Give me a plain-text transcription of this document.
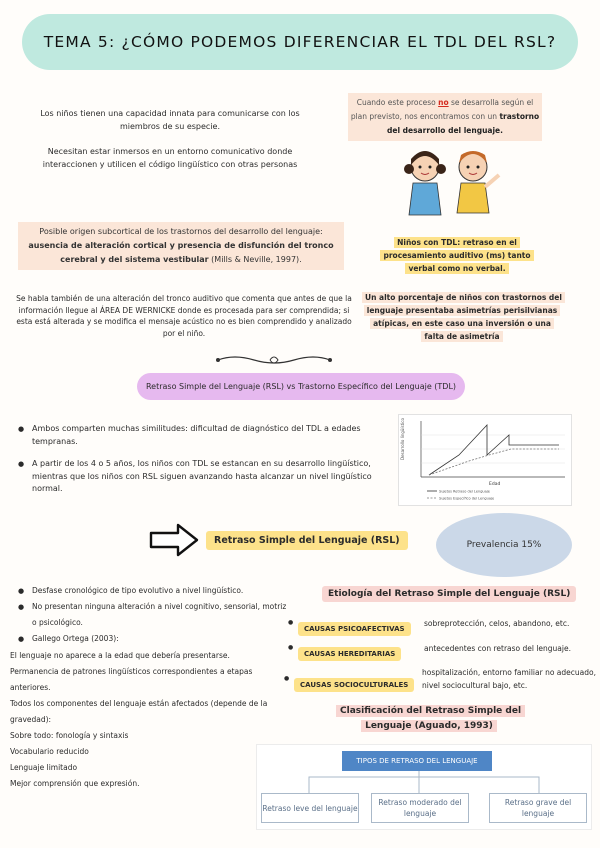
TEMA 5: ¿CÓMO PODEMOS DIFERENCIAR EL TDL DEL RSL?
Los niños tienen una capacidad innata para comunicarse con los miembros de su especie.
Necesitan estar inmersos en un entorno comunicativo donde interaccionen y utilicen el código lingüístico con otras personas
Cuando este proceso no se desarrolla según el plan previsto, nos encontramos con un trastorno del desarrollo del lenguaje.
Posible origen subcortical de los trastornos del desarrollo del lenguaje: ausencia de alteración cortical y presencia de disfunción del tronco cerebral y del sistema vestibular (Mills & Neville, 1997).
Niños con TDL: retraso en el procesamiento auditivo (ms) tanto verbal como no verbal.
Se habla también de una alteración del tronco auditivo que comenta que antes de que la información llegue al ÁREA DE WERNICKE donde es procesada para ser comprendida; si esta está alterada y se modifica el mensaje acústico no es bien comprendido y analizado por el niño.
Un alto porcentaje de niños con trastornos del lenguaje presentaba asimetrías perisilvianas atípicas, en este caso una inversión o una falta de asimetría
Retraso Simple del Lenguaje (RSL) vs Trastorno Específico del Lenguaje (TDL)
● Ambos comparten muchas similitudes: dificultad de diagnóstico del TDL a edades tempranas.
● A partir de los 4 o 5 años, los niños con TDL se estancan en su desarrollo lingüístico, mientras que los niños con RSL siguen avanzando hasta alcanzar un nivel lingüístico normal.
Desarrollo lingüístico
Edad
Sujetos Retraso del Lenguaje
Sujetos Específico del Lenguaje
Retraso Simple del Lenguaje (RSL)	Prevalencia 15%
● Desfase cronológico de tipo evolutivo a nivel lingüístico.
● No presentan ninguna alteración a nivel cognitivo, sensorial, motriz o psicológico.
● Gallego Ortega (2003):
El lenguaje no aparece a la edad que debería presentarse.
Permanencia de patrones lingüísticos correspondientes a etapas anteriores.
Todos los componentes del lenguaje están afectados (depende de la gravedad):
Sobre todo: fonología y sintaxis
Vocabulario reducido
Lenguaje limitado
Mejor comprensión que expresión.
Etiología del Retraso Simple del Lenguaje (RSL)
● CAUSAS PSICOAFECTIVAS
sobreprotección, celos, abandono, etc.
● CAUSAS HEREDITARIAS
antecedentes con retraso del lenguaje.
● CAUSAS SOCIOCULTURALES
hospitalización, entorno familiar no adecuado, nivel sociocultural bajo, etc.
Clasificación del Retraso Simple del Lenguaje (Aguado, 1993)
TIPOS DE RETRASO DEL LENGUAJE
Retraso leve del lenguaje
Retraso moderado del lenguaje
Retraso grave del lenguaje
